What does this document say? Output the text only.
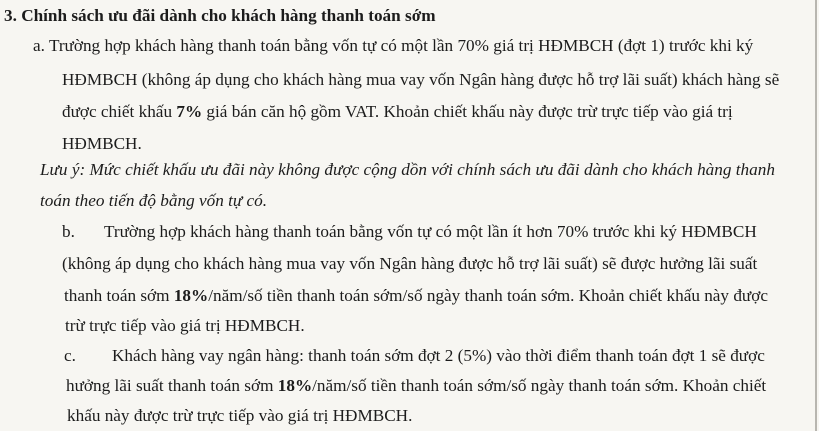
3. Chính sách ưu đãi dành cho khách hàng thanh toán sớm
a. Trường hợp khách hàng thanh toán bằng vốn tự có một lần 70% giá trị HĐMBCH (đợt 1) trước khi ký
HĐMBCH (không áp dụng cho khách hàng mua vay vốn Ngân hàng được hỗ trợ lãi suất) khách hàng sẽ
được chiết khấu 7% giá bán căn hộ gồm VAT. Khoản chiết khấu này được trừ trực tiếp vào giá trị
HĐMBCH.
Lưu ý: Mức chiết khấu ưu đãi này không được cộng dồn với chính sách ưu đãi dành cho khách hàng thanh
toán theo tiến độ bằng vốn tự có.
b. Trường hợp khách hàng thanh toán bằng vốn tự có một lần ít hơn 70% trước khi ký HĐMBCH
(không áp dụng cho khách hàng mua vay vốn Ngân hàng được hỗ trợ lãi suất) sẽ được hưởng lãi suất
thanh toán sớm 18%/năm/số tiền thanh toán sớm/số ngày thanh toán sớm. Khoản chiết khấu này được
trừ trực tiếp vào giá trị HĐMBCH.
c. Khách hàng vay ngân hàng: thanh toán sớm đợt 2 (5%) vào thời điểm thanh toán đợt 1 sẽ được
hưởng lãi suất thanh toán sớm 18%/năm/số tiền thanh toán sớm/số ngày thanh toán sớm. Khoản chiết
khấu này được trừ trực tiếp vào giá trị HĐMBCH.
